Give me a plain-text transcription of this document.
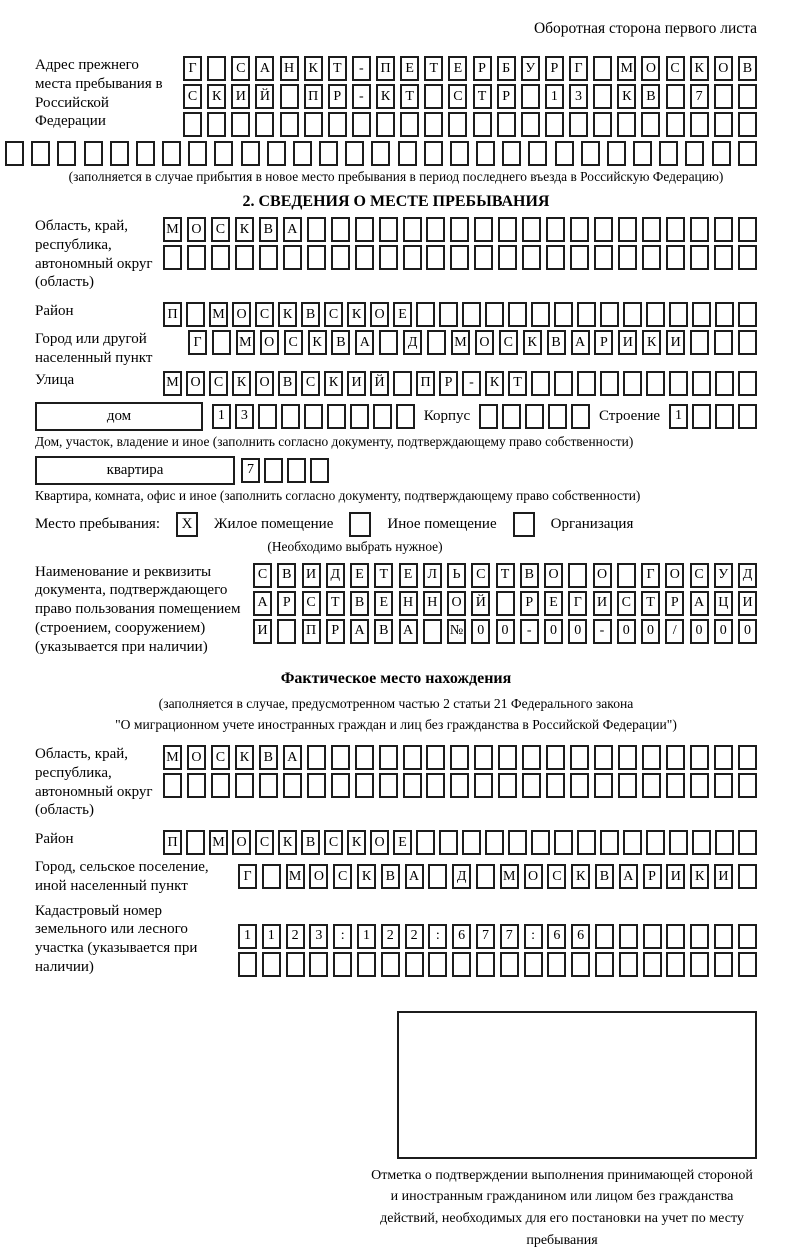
Оборотная сторона первого листа
Адрес прежнего места пребывания в Российской Федерации
Г	С	А	Н	К	Т	-	П	Е	Т	Е	Р	Б	У	Р	Г	М О	С	К	О	В
С	К	И	Й	П	Р	-	К	Т	С	Т	Р	1	3	К	В	7
(заполняется в случае прибытия в новое место пребывания в период последнего въезда в Российскую Федерацию)
2. СВЕДЕНИЯ О МЕСТЕ ПРЕБЫВАНИЯ
Область, край, республика, автономный округ (область)
М О	С	К	В	А
Район	П	М О С К В С К О Е
Город или другой населенный пункт
Г	М О	С	К	В	А	Д	М О	С	К	В	А	Р	И	К	И
Улица	М О С К О В С К И Й	П	Р	-	К	Т
дом	1	3	Корпус	Строение	1
Дом, участок, владение и иное (заполнить согласно документу, подтверждающему право собственности)
квартира	7
Квартира, комната, офис и иное (заполнить согласно документу, подтверждающему право собственности)
Место пребывания:	X	Жилое помещение	Иное помещение	Организация
(Необходимо выбрать нужное)
Наименование и реквизиты документа, подтверждающего право пользования помещением (строением, сооружением) (указывается при наличии)
С	В	И	Д	Е	Т	Е	Л	Ь	С	Т	В	О	О	Г	О	С	У	Д
А	Р	С	Т	В	Е	Н	Н	О	Й	Р	Е	Г	И	С	Т	Р	А	Ц	И
И	П	Р	А	В	А	№	0	0	-	0	0	-	0	0	/	0	0	0
Фактическое место нахождения
(заполняется в случае, предусмотренном частью 2 статьи 21 Федерального закона
"О миграционном учете иностранных граждан и лиц без гражданства в Российской Федерации")
Область, край, республика, автономный округ (область)
М О	С	К	В	А
Район	П	М О С К В С К О Е
Город, сельское поселение, иной населенный пункт
Г	М О	С	К	В	А	Д	М О	С	К	В	А	Р	И	К	И
Кадастровый номер земельного или лесного участка (указывается при наличии)
1	1	2	3	:	1	2	2	:	6	7	7	:	6	6
Отметка о подтверждении выполнения принимающей стороной и иностранным гражданином или лицом без гражданства действий, необходимых для его постановки на учет по месту пребывания
